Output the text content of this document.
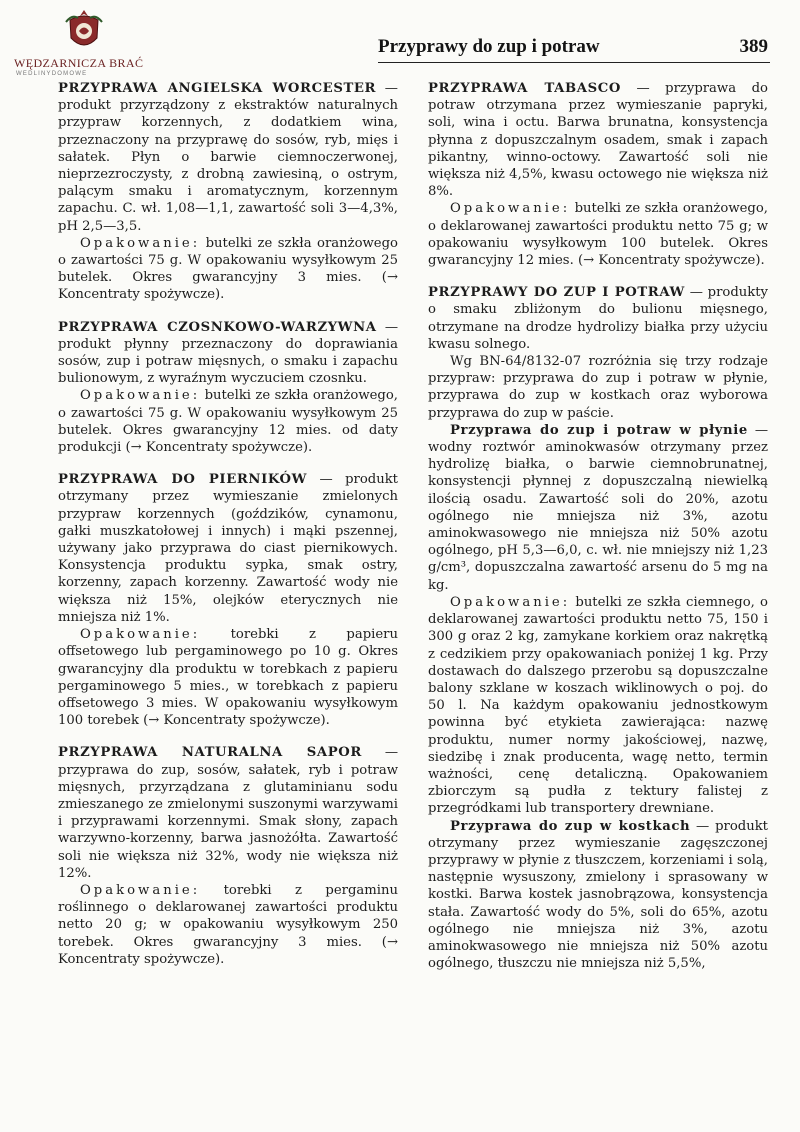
WĘDZARNICZA BRAĆ
WEDLINYDOMOWE
Przyprawy do zup i potraw	389

PRZYPRAWA ANGIELSKA WORCESTER — produkt przyrządzony z ekstraktów naturalnych przypraw korzennych, z dodatkiem wina, przeznaczony na przyprawę do sosów, ryb, mięs i sałatek. Płyn o barwie ciemnoczerwonej, nieprzezroczysty, z drobną zawiesiną, o ostrym, palącym smaku i aromatycznym, korzennym zapachu. C. wł. 1,08—1,1, zawartość soli 3—4,3%, pH 2,5—3,5.

Opakowanie: butelki ze szkła oranżowego o zawartości 75 g. W opakowaniu wysyłkowym 25 butelek. Okres gwarancyjny 3 mies. (→ Koncentraty spożywcze).

PRZYPRAWA CZOSNKOWO-WARZYWNA — produkt płynny przeznaczony do doprawiania sosów, zup i potraw mięsnych, o smaku i zapachu bulionowym, z wyraźnym wyczuciem czosnku.

Opakowanie: butelki ze szkła oranżowego, o zawartości 75 g. W opakowaniu wysyłkowym 25 butelek. Okres gwarancyjny 12 mies. od daty produkcji (→ Koncentraty spożywcze).

PRZYPRAWA DO PIERNIKÓW — produkt otrzymany przez wymieszanie zmielonych przypraw korzennych (goździków, cynamonu, gałki muszkatołowej i innych) i mąki pszennej, używany jako przyprawa do ciast piernikowych. Konsystencja produktu sypka, smak ostry, korzenny, zapach korzenny. Zawartość wody nie większa niż 15%, olejków eterycznych nie mniejsza niż 1%.

Opakowanie: torebki z papieru offsetowego lub pergaminowego po 10 g. Okres gwarancyjny dla produktu w torebkach z papieru pergaminowego 5 mies., w torebkach z papieru offsetowego 3 mies. W opakowaniu wysyłkowym 100 torebek (→ Koncentraty spożywcze).

PRZYPRAWA NATURALNA SAPOR — przyprawa do zup, sosów, sałatek, ryb i potraw mięsnych, przyrządzana z glutaminianu sodu zmieszanego ze zmielonymi suszonymi warzywami i przyprawami korzennymi. Smak słony, zapach warzywno-korzenny, barwa jasnożółta. Zawartość soli nie większa niż 32%, wody nie większa niż 12%.

Opakowanie: torebki z pergaminu roślinnego o deklarowanej zawartości produktu netto 20 g; w opakowaniu wysyłkowym 250 torebek. Okres gwarancyjny 3 mies. (→ Koncentraty spożywcze).

PRZYPRAWA TABASCO — przyprawa do potraw otrzymana przez wymieszanie papryki, soli, wina i octu. Barwa brunatna, konsystencja płynna z dopuszczalnym osadem, smak i zapach pikantny, winno-octowy. Zawartość soli nie większa niż 4,5%, kwasu octowego nie większa niż 8%.

Opakowanie: butelki ze szkła oranżowego, o deklarowanej zawartości produktu netto 75 g; w opakowaniu wysyłkowym 100 butelek. Okres gwarancyjny 12 mies. (→ Koncentraty spożywcze).

PRZYPRAWY DO ZUP I POTRAW — produkty o smaku zbliżonym do bulionu mięsnego, otrzymane na drodze hydrolizy białka przy użyciu kwasu solnego.

Wg BN-64/8132-07 rozróżnia się trzy rodzaje przypraw: przyprawa do zup i potraw w płynie, przyprawa do zup w kostkach oraz wyborowa przyprawa do zup w paście.

Przyprawa do zup i potraw w płynie — wodny roztwór aminokwasów otrzymany przez hydrolizę białka, o barwie ciemnobrunatnej, konsystencji płynnej z dopuszczalną niewielką ilością osadu. Zawartość soli do 20%, azotu ogólnego nie mniejsza niż 3%, azotu aminokwasowego nie mniejsza niż 50% azotu ogólnego, pH 5,3—6,0, c. wł. nie mniejszy niż 1,23 g/cm³, dopuszczalna zawartość arsenu do 5 mg na kg.

Opakowanie: butelki ze szkła ciemnego, o deklarowanej zawartości produktu netto 75, 150 i 300 g oraz 2 kg, zamykane korkiem oraz nakrętką z cedzikiem przy opakowaniach poniżej 1 kg. Przy dostawach do dalszego przerobu są dopuszczalne balony szklane w koszach wiklinowych o poj. do 50 l. Na każdym opakowaniu jednostkowym powinna być etykieta zawierająca: nazwę produktu, numer normy jakościowej, nazwę, siedzibę i znak producenta, wagę netto, termin ważności, cenę detaliczną. Opakowaniem zbiorczym są pudła z tektury falistej z przegródkami lub transportery drewniane.

Przyprawa do zup w kostkach — produkt otrzymany przez wymieszanie zagęszczonej przyprawy w płynie z tłuszczem, korzeniami i solą, następnie wysuszony, zmielony i sprasowany w kostki. Barwa kostek jasnobrązowa, konsystencja stała. Zawartość wody do 5%, soli do 65%, azotu ogólnego nie mniejsza niż 3%, azotu aminokwasowego nie mniejsza niż 50% azotu ogólnego, tłuszczu nie mniejsza niż 5,5%,
